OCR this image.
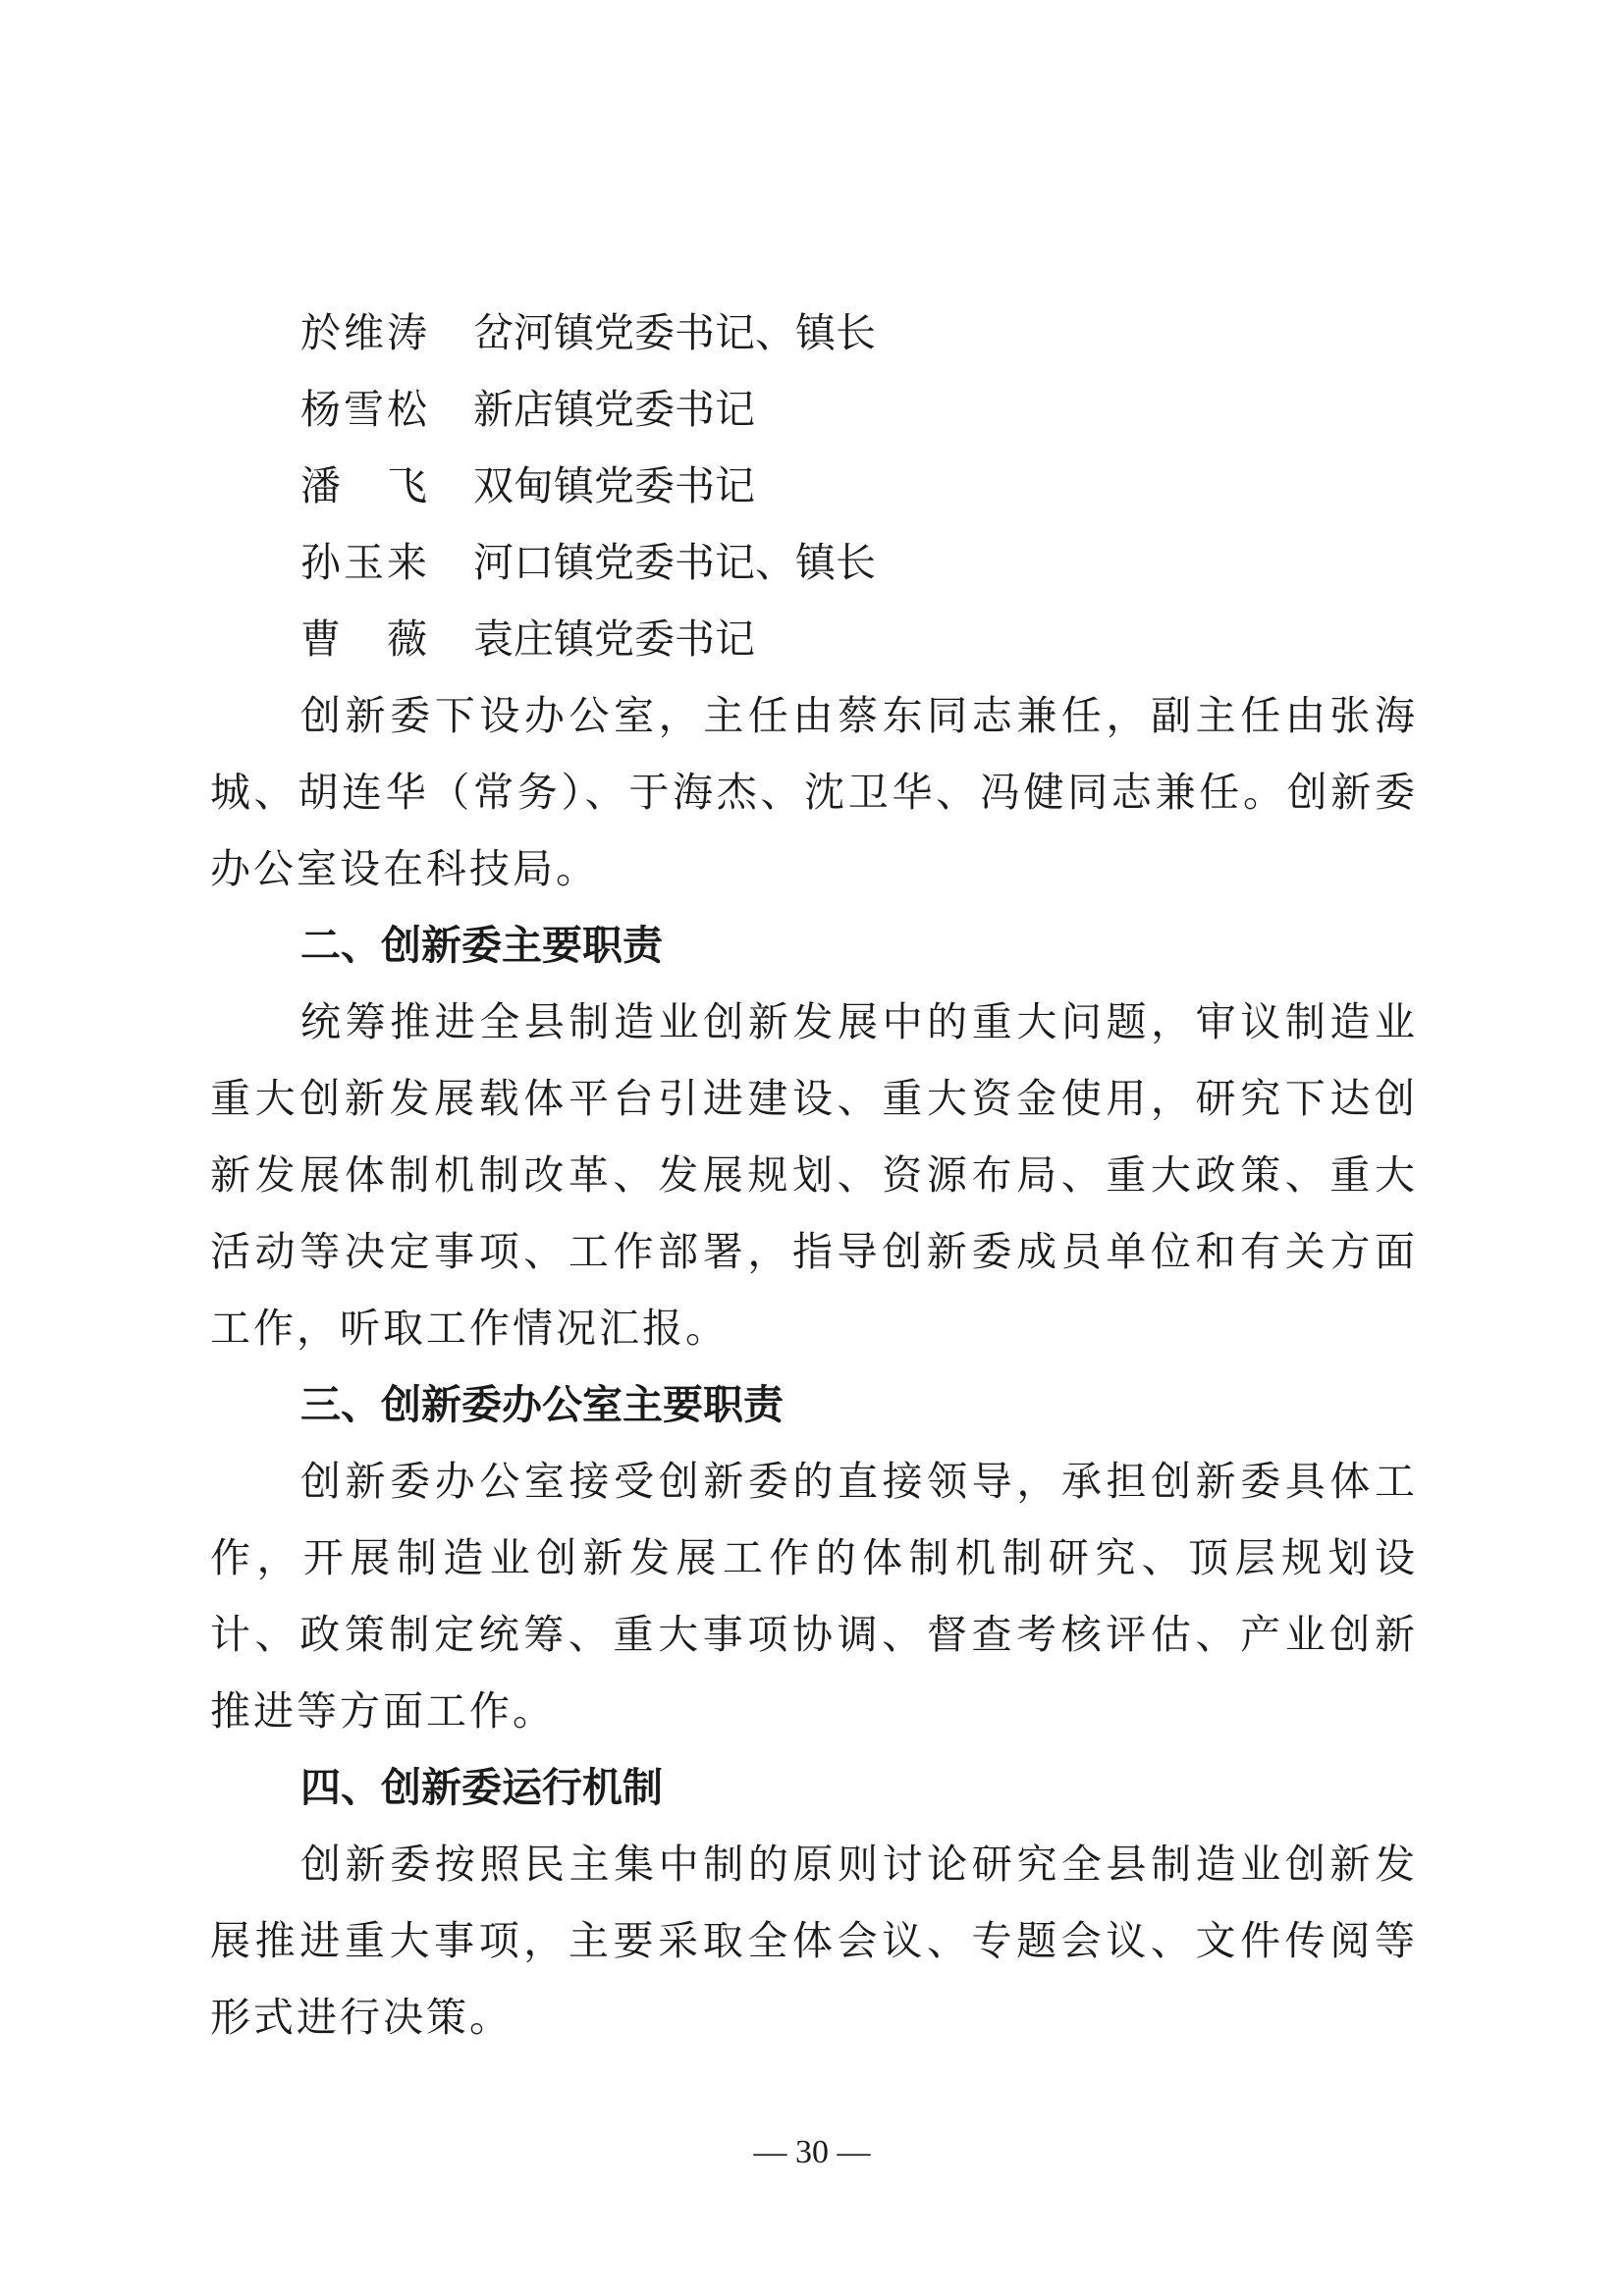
於维涛	岔河镇党委书记、镇长
杨雪松	新店镇党委书记
潘　飞	双甸镇党委书记
孙玉来	河口镇党委书记、镇长
曹　薇	袁庄镇党委书记

创新委下设办公室，主任由蔡东同志兼任，副主任由张海城、胡连华（常务）、于海杰、沈卫华、冯健同志兼任。创新委办公室设在科技局。

二、创新委主要职责

统筹推进全县制造业创新发展中的重大问题，审议制造业重大创新发展载体平台引进建设、重大资金使用，研究下达创新发展体制机制改革、发展规划、资源布局、重大政策、重大活动等决定事项、工作部署，指导创新委成员单位和有关方面工作，听取工作情况汇报。

三、创新委办公室主要职责

创新委办公室接受创新委的直接领导，承担创新委具体工作，开展制造业创新发展工作的体制机制研究、顶层规划设计、政策制定统筹、重大事项协调、督查考核评估、产业创新推进等方面工作。

四、创新委运行机制

创新委按照民主集中制的原则讨论研究全县制造业创新发展推进重大事项，主要采取全体会议、专题会议、文件传阅等形式进行决策。

— 30 —
